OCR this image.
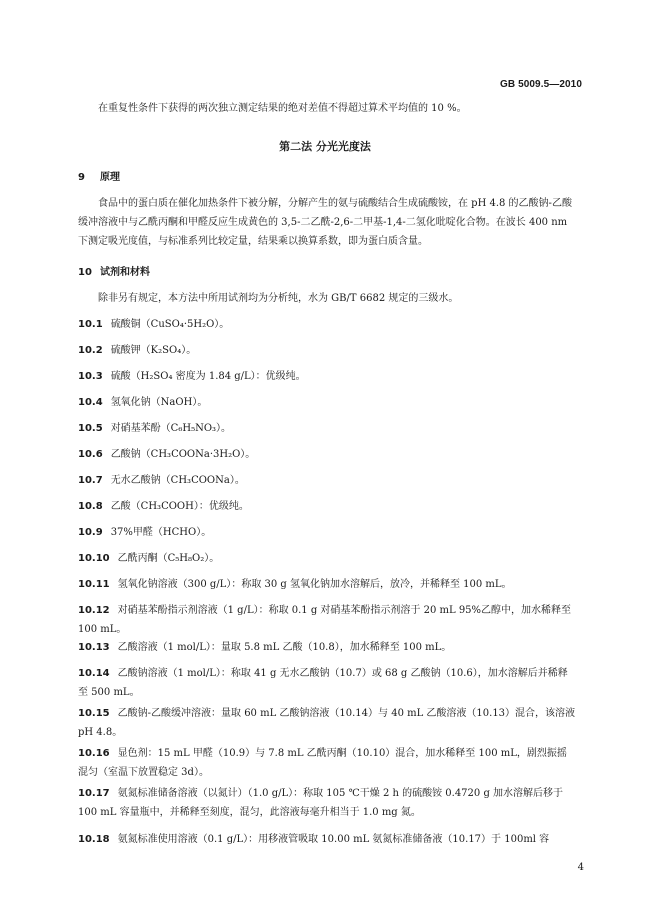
GB 5009.5—2010
在重复性条件下获得的两次独立测定结果的绝对差值不得超过算术平均值的 10 %。
第二法 分光光度法
9 原理
食品中的蛋白质在催化加热条件下被分解，分解产生的氨与硫酸结合生成硫酸铵，在 pH 4.8 的乙酸钠-乙酸缓冲溶液中与乙酰丙酮和甲醛反应生成黄色的 3,5-二乙酰-2,6-二甲基-1,4-二氢化吡啶化合物。在波长 400 nm 下测定吸光度值，与标准系列比较定量，结果乘以换算系数，即为蛋白质含量。
10 试剂和材料
除非另有规定，本方法中所用试剂均为分析纯，水为 GB/T 6682 规定的三级水。
10.1 硫酸铜（CuSO₄·5H₂O）。
10.2 硫酸钾（K₂SO₄）。
10.3 硫酸（H₂SO₄ 密度为 1.84 g/L）：优级纯。
10.4 氢氧化钠（NaOH）。
10.5 对硝基苯酚（C₆H₅NO₃）。
10.6 乙酸钠（CH₃COONa·3H₂O）。
10.7 无水乙酸钠（CH₃COONa）。
10.8 乙酸（CH₃COOH）：优级纯。
10.9 37%甲醛（HCHO）。
10.10 乙酰丙酮（C₅H₈O₂）。
10.11 氢氧化钠溶液（300 g/L）：称取 30 g 氢氧化钠加水溶解后，放冷，并稀释至 100 mL。
10.12 对硝基苯酚指示剂溶液（1 g/L）：称取 0.1 g 对硝基苯酚指示剂溶于 20 mL 95%乙醇中，加水稀释至 100 mL。
10.13 乙酸溶液（1 mol/L）：量取 5.8 mL 乙酸（10.8），加水稀释至 100 mL。
10.14 乙酸钠溶液（1 mol/L）：称取 41 g 无水乙酸钠（10.7）或 68 g 乙酸钠（10.6），加水溶解后并稀释至 500 mL。
10.15 乙酸钠-乙酸缓冲溶液：量取 60 mL 乙酸钠溶液（10.14）与 40 mL 乙酸溶液（10.13）混合，该溶液 pH 4.8。
10.16 显色剂：15 mL 甲醛（10.9）与 7.8 mL 乙酰丙酮（10.10）混合，加水稀释至 100 mL，剧烈振摇混匀（室温下放置稳定 3d）。
10.17 氨氮标准储备溶液（以氮计）（1.0 g/L）：称取 105 ℃干燥 2 h 的硫酸铵 0.4720 g 加水溶解后移于 100 mL 容量瓶中，并稀释至刻度，混匀，此溶液每毫升相当于 1.0 mg 氮。
10.18 氨氮标准使用溶液（0.1 g/L）：用移液管吸取 10.00 mL 氨氮标准储备液（10.17）于 100ml 容
4
